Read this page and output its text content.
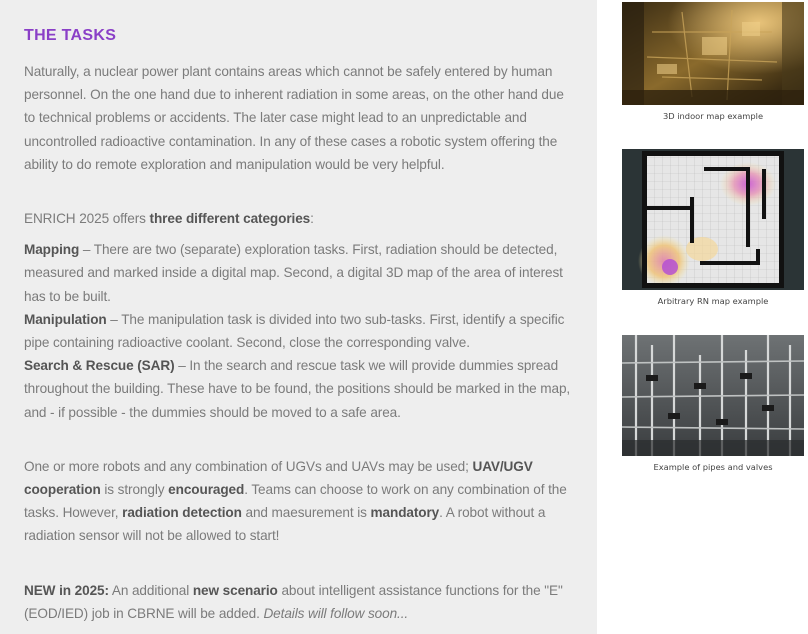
THE TASKS

Naturally, a nuclear power plant contains areas which cannot be safely entered by human personnel. On the one hand due to inherent radiation in some areas, on the other hand due to technical problems or accidents. The later case might lead to an unpredictable and uncontrolled radioactive contamination. In any of these cases a robotic system offering the ability to do remote exploration and manipulation would be very helpful.

ENRICH 2025 offers three different categories:

Mapping – There are two (separate) exploration tasks. First, radiation should be detected, measured and marked inside a digital map. Second, a digital 3D map of the area of interest has to be built.

Manipulation – The manipulation task is divided into two sub-tasks. First, identify a specific pipe containing radioactive coolant. Second, close the corresponding valve.

Search & Rescue (SAR) – In the search and rescue task we will provide dummies spread throughout the building. These have to be found, the positions should be marked in the map, and - if possible - the dummies should be moved to a safe area.

One or more robots and any combination of UGVs and UAVs may be used; UAV/UGV cooperation is strongly encouraged. Teams can choose to work on any combination of the tasks. However, radiation detection and maesurement is mandatory. A robot without a radiation sensor will not be allowed to start!

NEW in 2025: An additional new scenario about intelligent assistance functions for the "E" (EOD/IED) job in CBRNE will be added. Details will follow soon...

3D indoor map example
Arbitrary RN map example
Example of pipes and valves
